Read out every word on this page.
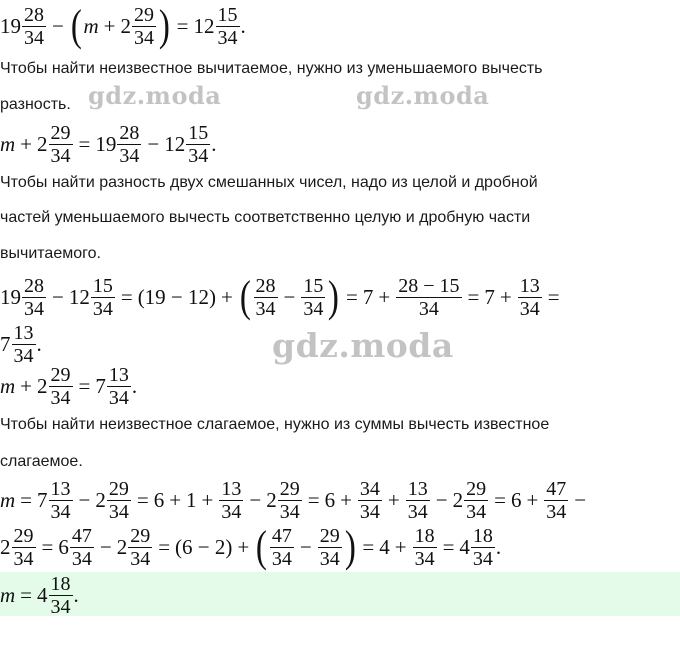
$19 \frac{28}{34}$ − ( $m + 2 \frac{29}{34}$ ) = $12 \frac{15}{34}$ .
Чтобы найти неизвестное вычитаемое, нужно из уменьшаемого вычесть
разность.
$m + 2 \frac{29}{34} = 19 \frac{28}{34} - 12 \frac{15}{34}$ .
Чтобы найти разность двух смешанных чисел, надо из целой и дробной
частей уменьшаемого вычесть соответственно целую и дробную части
вычитаемого.
$19 \frac{28}{34} - 12 \frac{15}{34} = (19 - 12)$ + ( $\frac{28}{34} - \frac{15}{34}$ ) = $7 + \frac{28 - 15}{34} = 7 + \frac{13}{34}$ =
$7 \frac{13}{34}$ .
$m + 2 \frac{29}{34} = 7 \frac{13}{34}$ .
Чтобы найти неизвестное слагаемое, нужно из суммы вычесть известное
слагаемое.
$m = 7 \frac{13}{34} - 2 \frac{29}{34} = 6 + 1 + \frac{13}{34} - 2 \frac{29}{34} = 6 + \frac{34}{34} + \frac{13}{34} - 2 \frac{29}{34} = 6 + \frac{47}{34}$ −
$2 \frac{29}{34} = 6 \frac{47}{34} - 2 \frac{29}{34} = (6 - 2)$ + ( $\frac{47}{34} - \frac{29}{34}$ ) = $4 + \frac{18}{34} = 4 \frac{18}{34}$ .
$m = 4 \frac{18}{34}$ .
gdz.moda	gdz.moda
gdz.moda
